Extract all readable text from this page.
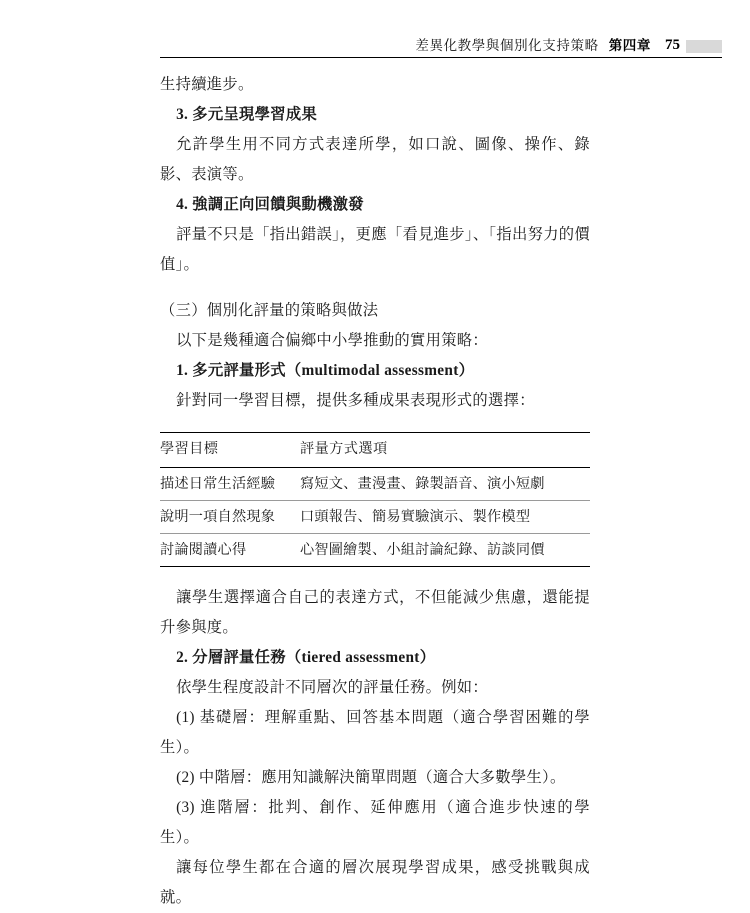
差異化教學與個別化支持策略 第四章 75

生持續進步。

3. 多元呈現學習成果

允許學生用不同方式表達所學，如口說、圖像、操作、錄影、表演等。

4. 強調正向回饋與動機激發

評量不只是「指出錯誤」，更應「看見進步」、「指出努力的價值」。

（三）個別化評量的策略與做法

以下是幾種適合偏鄉中小學推動的實用策略：

1. 多元評量形式（multimodal assessment）

針對同一學習目標，提供多種成果表現形式的選擇：

學習目標	評量方式選項
描述日常生活經驗	寫短文、畫漫畫、錄製語音、演小短劇
說明一項自然現象	口頭報告、簡易實驗演示、製作模型
討論閱讀心得	心智圖繪製、小組討論紀錄、訪談同價

讓學生選擇適合自己的表達方式，不但能減少焦慮，還能提升參與度。

2. 分層評量任務（tiered assessment）

依學生程度設計不同層次的評量任務。例如：

(1) 基礎層：理解重點、回答基本問題（適合學習困難的學生）。

(2) 中階層：應用知識解決簡單問題（適合大多數學生）。

(3) 進階層：批判、創作、延伸應用（適合進步快速的學生）。

讓每位學生都在合適的層次展現學習成果，感受挑戰與成就。
